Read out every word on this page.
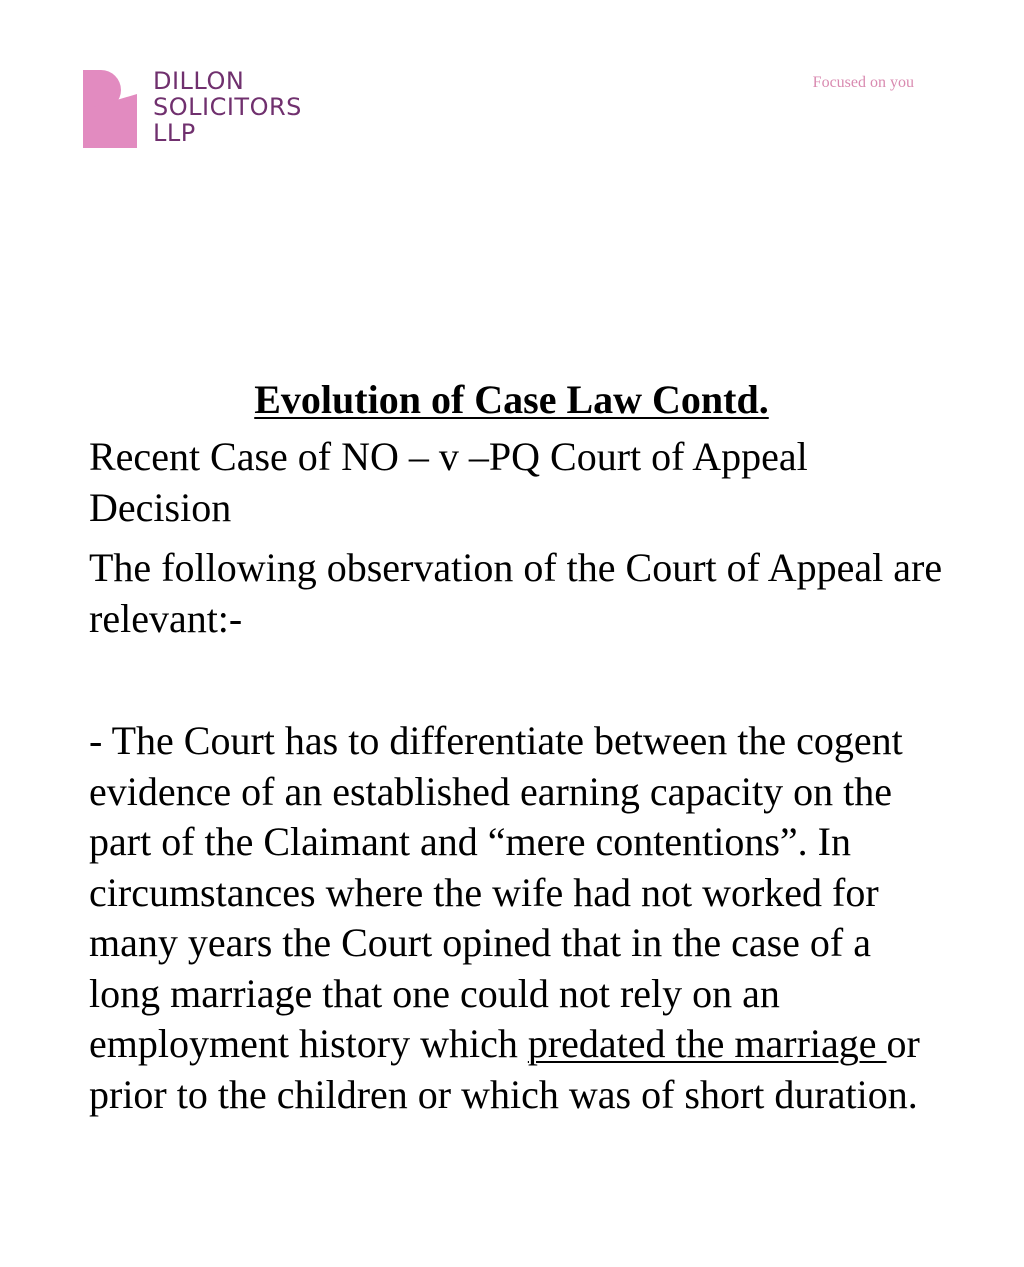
DILLON
SOLICITORS
LLP
Focused on you
Evolution of Case Law Contd.

Recent Case of NO – v –PQ Court of Appeal Decision

The following observation of the Court of Appeal are relevant:-

- The Court has to differentiate between the cogent evidence of an established earning capacity on the part of the Claimant and “mere contentions”. In circumstances where the wife had not worked for many years the Court opined that in the case of a long marriage that one could not rely on an employment history which predated the marriage or prior to the children or which was of short duration.
